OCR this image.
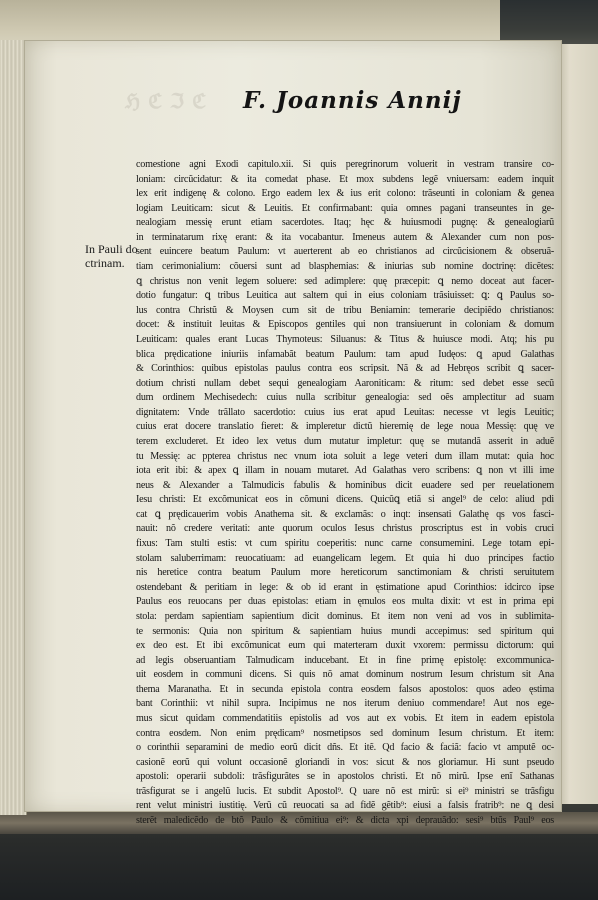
ℌℭℑℭ F. Joannis Annij
In Pauli do
ctrinam.
comestione agni Exodi capitulo.xii. Si quis peregrinorum voluerit in vestram transire co-
loniam: circũcidatur: & ita comedat phase. Et mox subdens legẽ vniuersam: eadem inquit
lex erit indigenę & colono. Ergo eadem lex & ius erit colono: trãseunti in coloniam & genea
logiam Leuiticam: sicut & Leuitis. Et confirmabant: quia omnes pagani transeuntes in ge-
nealogiam messię erunt etiam sacerdotes. Itaq; hęc & huiusmodi pugnę: & genealogiarũ
in terminatarum rixę erant: & ita vocabantur. Imeneus autem & Alexander cum non pos-
sent euincere beatum Paulum: vt auerterent ab eo christianos ad circũcisionem & obseruã-
tiam cerimonialium: cõuersi sunt ad blasphemias: & iniurias sub nomine doctrinę: dicẽtes:
ꝗ christus non venit legem soluere: sed adimplere: quę prӕcepit: ꝗ nemo doceat aut facer-
dotio fungatur: ꝗ tribus Leuitica aut saltem qui in eius coloniam trãsiuisset: ꝗ: ꝗ Paulus so-
lus contra Christũ & Moysen cum sit de tribu Beniamin: temerarie decipiẽdo christianos:
docet: & instituit leuitas & Episcopos gentiles qui non transiuerunt in coloniam & domum
Leuiticam: quales erant Lucas Thymoteus: Siluanus: & Titus & huiusce modi. Atq; his pu
blica prędicatione iniuriis infamabãt beatum Paulum: tam apud Iudęos: ꝗ apud Galathas
& Corinthios: quibus epistolas paulus contra eos scripsit. Nã & ad Hebręos scribit ꝗ sacer-
dotium christi nullam debet sequi genealogiam Aaroniticam: & ritum: sed debet esse secũ
dum ordinem Mechisedech: cuius nulla scribitur genealogia: sed oẽs amplectitur ad suam
dignitatem: Vnde trãllato sacerdotio: cuius ius erat apud Leuitas: necesse vt legis Leuitic;
cuius erat docere translatio fieret: & impleretur dictũ hieremię de lege noua Messię: quę ve
terem excluderet. Et ideo lex vetus dum mutatur impletur: quę se mutandã asserit in aduẽ
tu Messię: ac ppterea christus nec vnum iota soluit a lege veteri dum illam mutat: quia hoc
iota erit ibi: & apex ꝗ illam in nouam mutaret. Ad Galathas vero scribens: ꝗ non vt illi ime
neus & Alexander a Talmudicis fabulis & hominibus dicit euadere sed per reuelationem
Iesu christi: Et excõmunicat eos in cõmuni dicens. Quicũꝗ etiã si angel⁹ de celo: aliud pdi
cat ꝗ prędicauerim vobis Anathema sit. & exclamãs: o inqt: insensati Galathę qs vos fasci-
nauit: nõ credere veritati: ante quorum oculos Iesus christus proscriptus est in vobis cruci
fixus: Tam stulti estis: vt cum spiritu coeperitis: nunc carne consumemini. Lege totam epi-
stolam saluberrimam: reuocatiuam: ad euangelicam legem. Et quia hi duo principes factio
nis heretice contra beatum Paulum more hereticorum sanctimoniam & christi seruitutem
ostendebant & peritiam in lege: & ob id erant in ęstimatione apud Corinthios: idcirco ipse
Paulus eos reuocans per duas epistolas: etiam in ęmulos eos multa dixit: vt est in prima epi
stola: perdam sapientiam sapientium dicit dominus. Et item non veni ad vos in sublimita-
te sermonis: Quia non spiritum & sapientiam huius mundi accepimus: sed spiritum qui
ex deo est. Et ibi excõmunicat eum qui materteram duxit vxorem: permissu dictorum: qui
ad legis obseruantiam Talmudicam inducebant. Et in fine primę epistolę: excommunica-
uit eosdem in communi dicens. Si quis nõ amat dominum nostrum Iesum christum sit Ana
thema Maranatha. Et in secunda epistola contra eosdem falsos apostolos: quos adeo ęstima
bant Corinthii: vt nihil supra. Incipimus ne nos iterum deniuo commendare! Aut nos ege-
mus sicut quidam commendatitiis epistolis ad vos aut ex vobis. Et item in eadem epistola
contra eosdem. Non enim prędicam⁹ nosmetipsos sed dominum Iesum christum. Et item:
o corinthii separamini de medio eorũ dicit dñs. Et itẽ. Qd facio & faciã: facio vt amputẽ oc-
casionẽ eorũ qui volunt occasionẽ gloriandi in vos: sicut & nos gloriamur. Hi sunt pseudo
apostoli: operarii subdoli: trãsfigurãtes se in apostolos christi. Et nõ mirũ. Ipse enĩ Sathanas
trãsfigurat se i angelũ lucis. Et subdit Apostol⁹. Q uare nõ est mirũ: si ei⁹ ministri se trãsfigu
rent velut ministri iustitię. Verũ cũ reuocati sa ad fidẽ gẽtib⁹: eiusi a falsis fratrib⁹: ne ꝗ desi
sterẽt maledicẽdo de btõ Paulo & cõmitiua ei⁹: & dicta xpi deprauãdo: sesi⁹ btũs Paul⁹ eos
